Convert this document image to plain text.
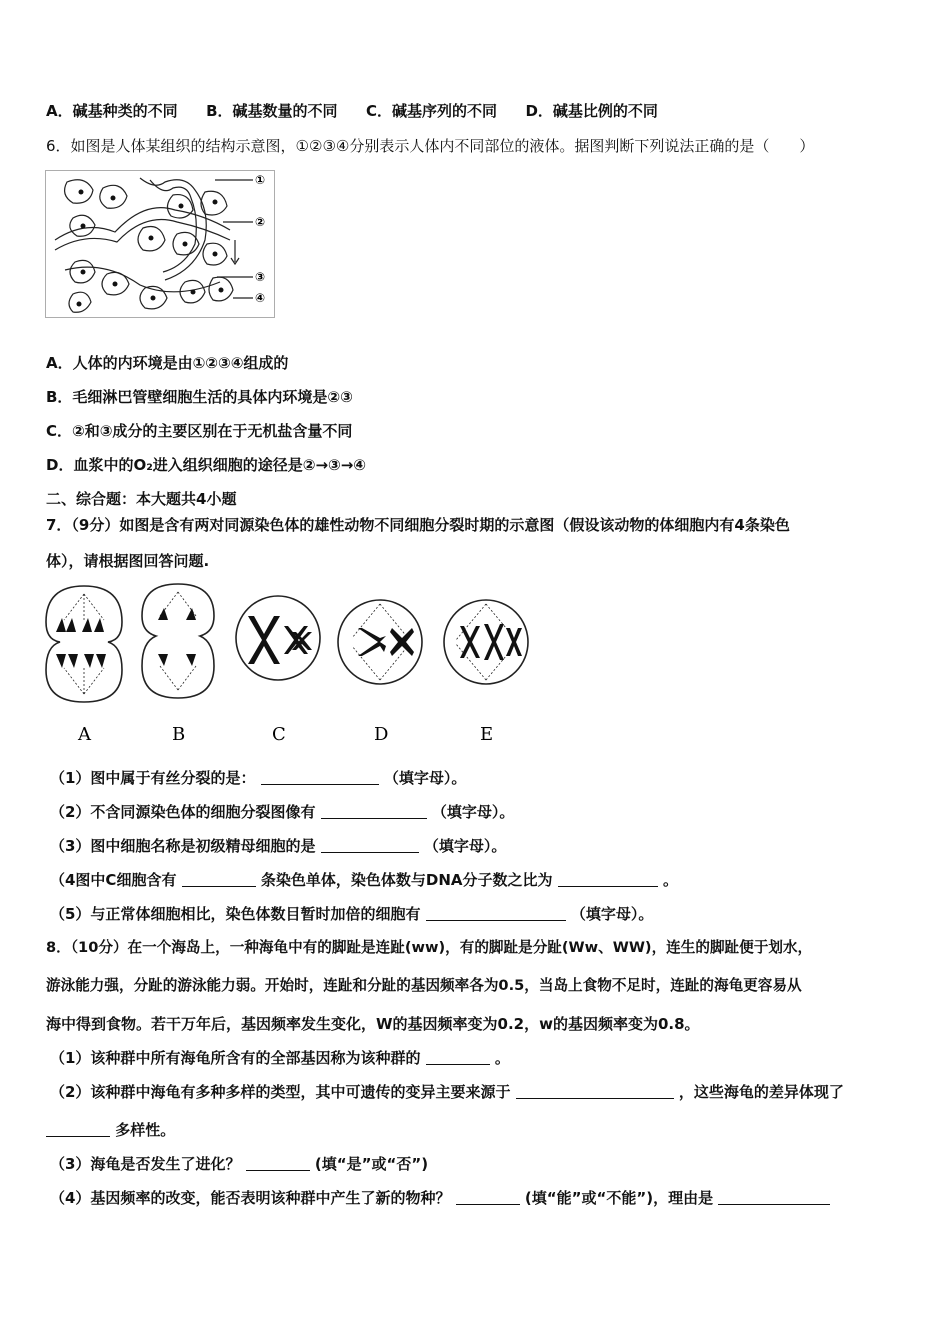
A．碱基种类的不同 B．碱基数量的不同 C．碱基序列的不同 D．碱基比例的不同
6．如图是人体某组织的结构示意图，①②③④分别表示人体内不同部位的液体。据图判断下列说法正确的是（　　）
①
②
③
④
A．人体的内环境是由①②③④组成的
B．毛细淋巴管壁细胞生活的具体内环境是②③
C．②和③成分的主要区别在于无机盐含量不同
D．血浆中的O₂进入组织细胞的途径是②→③→④
二、综合题：本大题共4小题
7．（9分）如图是含有两对同源染色体的雄性动物不同细胞分裂时期的示意图（假设该动物的体细胞内有4条染色
体），请根据图回答问题.
A	B	C	D	E
（1）图中属于有丝分裂的是：	（填字母）。
（2）不含同源染色体的细胞分裂图像有	（填字母）。
（3）图中细胞名称是初级精母细胞的是	（填字母）。
（4图中C细胞含有	条染色单体，染色体数与DNA分子数之比为	。
（5）与正常体细胞相比，染色体数目暂时加倍的细胞有	（填字母）。
8．（10分）在一个海岛上，一种海龟中有的脚趾是连趾(ww)，有的脚趾是分趾(Ww、WW)，连生的脚趾便于划水，
游泳能力强，分趾的游泳能力弱。开始时，连趾和分趾的基因频率各为0.5，当岛上食物不足时，连趾的海龟更容易从
海中得到食物。若干万年后，基因频率发生变化，W的基因频率变为0.2，w的基因频率变为0.8。
（1）该种群中所有海龟所含有的全部基因称为该种群的	。
（2）该种群中海龟有多种多样的类型，其中可遗传的变异主要来源于	，这些海龟的差异体现了
多样性。
（3）海龟是否发生了进化？	(填“是”或“否”)
（4）基因频率的改变，能否表明该种群中产生了新的物种？	(填“能”或“不能”)，理由是
